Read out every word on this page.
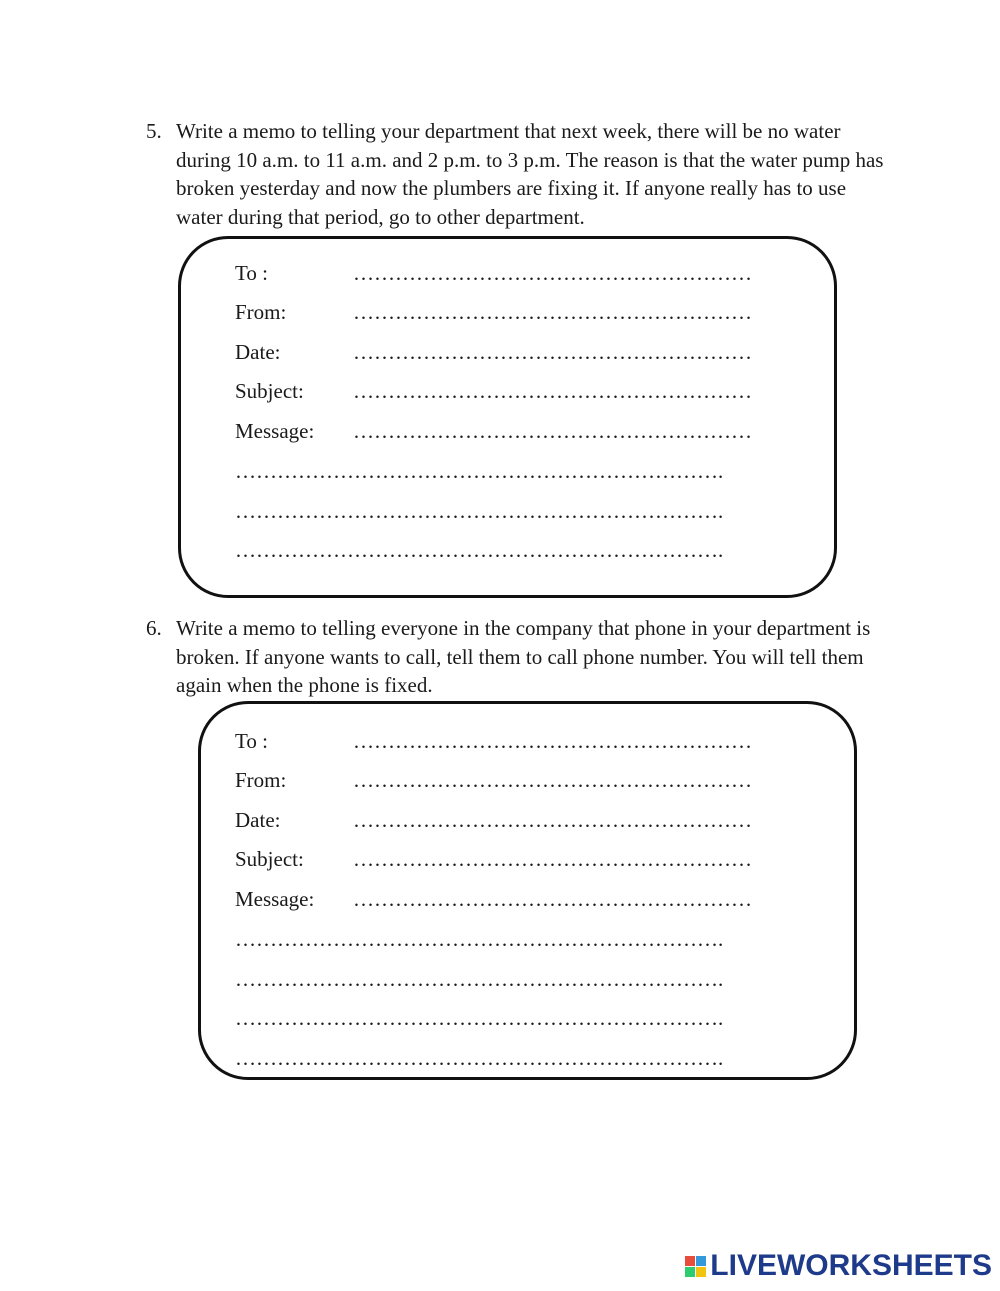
5. Write a memo to telling your department that next week, there will be no water during 10 a.m. to 11 a.m. and 2 p.m. to 3 p.m. The reason is that the water pump has broken yesterday and now the plumbers are fixing it. If anyone really has to use water during that period, go to other department.
To :	…………………………………………………
From:	…………………………………………………
Date:	…………………………………………………
Subject: …………………………………………………
Message: …………………………………………………
…………………………………………………………….
…………………………………………………………….
…………………………………………………………….
6. Write a memo to telling everyone in the company that phone in your department is broken. If anyone wants to call, tell them to call phone number. You will tell them again when the phone is fixed.
To :	…………………………………………………
From:	…………………………………………………
Date:	…………………………………………………
Subject: …………………………………………………
Message: …………………………………………………
…………………………………………………………….
…………………………………………………………….
…………………………………………………………….
…………………………………………………………….
LIVEWORKSHEETS
